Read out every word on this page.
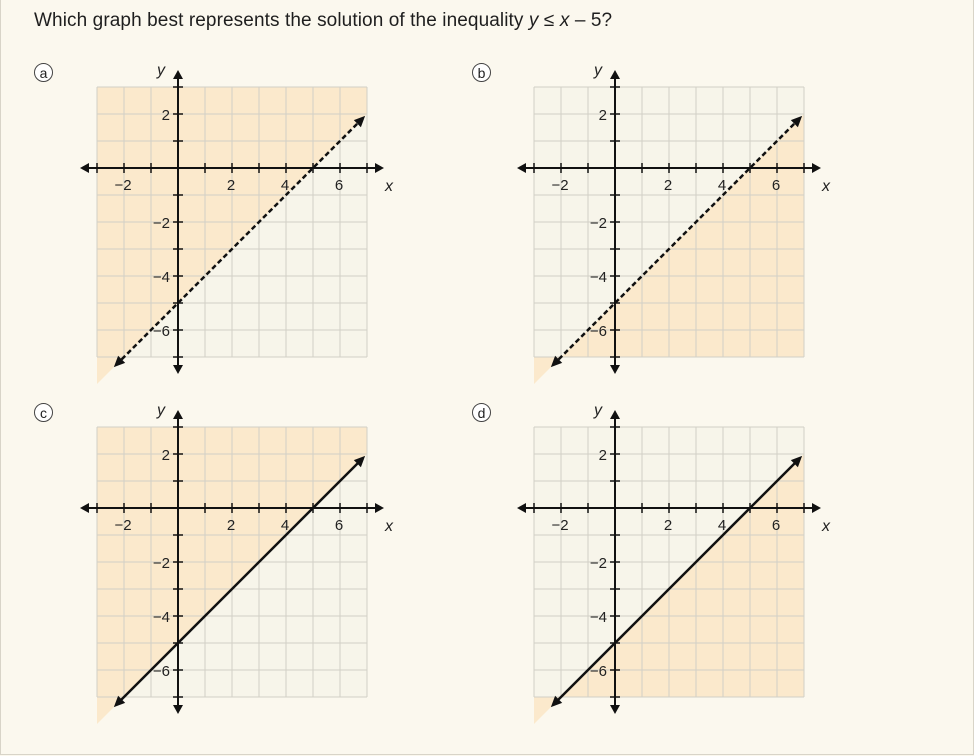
Which graph best represents the solution of the inequality y ≤ x – 5?
a	b
c	d
−2	2	4	6
2
−2
−4
−6
x
y
−2	2	4	6
2
−2
−4
−6
x
y
−2	2	4	6
2
−2
−4
−6
x
y
−2	2	4	6
2
−2
−4
−6
x
y
